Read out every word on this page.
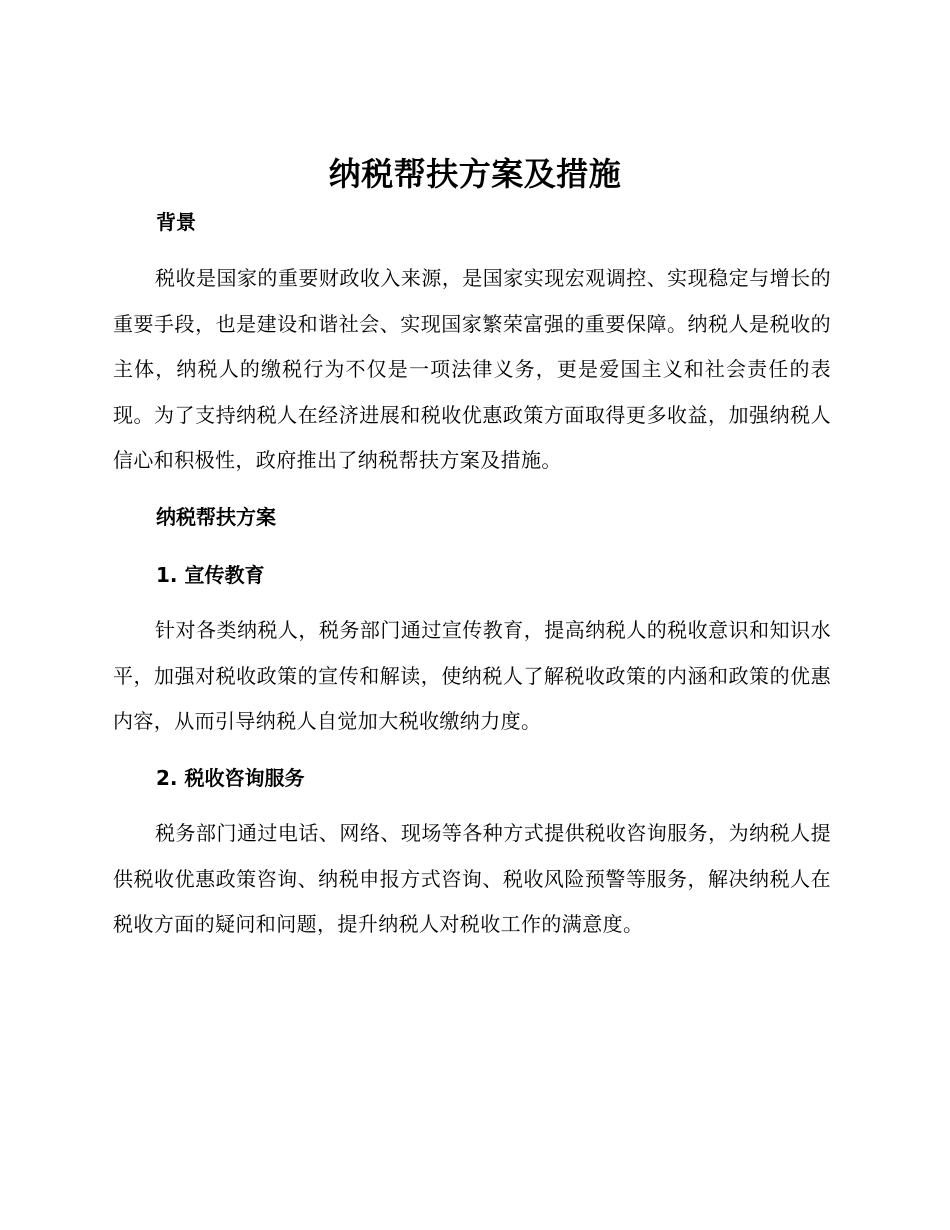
纳税帮扶方案及措施
背景
税收是国家的重要财政收入来源，是国家实现宏观调控、实现稳定与增长的重要手段，也是建设和谐社会、实现国家繁荣富强的重要保障。纳税人是税收的主体，纳税人的缴税行为不仅是一项法律义务，更是爱国主义和社会责任的表现。为了支持纳税人在经济进展和税收优惠政策方面取得更多收益，加强纳税人信心和积极性，政府推出了纳税帮扶方案及措施。
纳税帮扶方案
1. 宣传教育
针对各类纳税人，税务部门通过宣传教育，提高纳税人的税收意识和知识水平，加强对税收政策的宣传和解读，使纳税人了解税收政策的内涵和政策的优惠内容，从而引导纳税人自觉加大税收缴纳力度。
2. 税收咨询服务
税务部门通过电话、网络、现场等各种方式提供税收咨询服务，为纳税人提供税收优惠政策咨询、纳税申报方式咨询、税收风险预警等服务，解决纳税人在税收方面的疑问和问题，提升纳税人对税收工作的满意度。
